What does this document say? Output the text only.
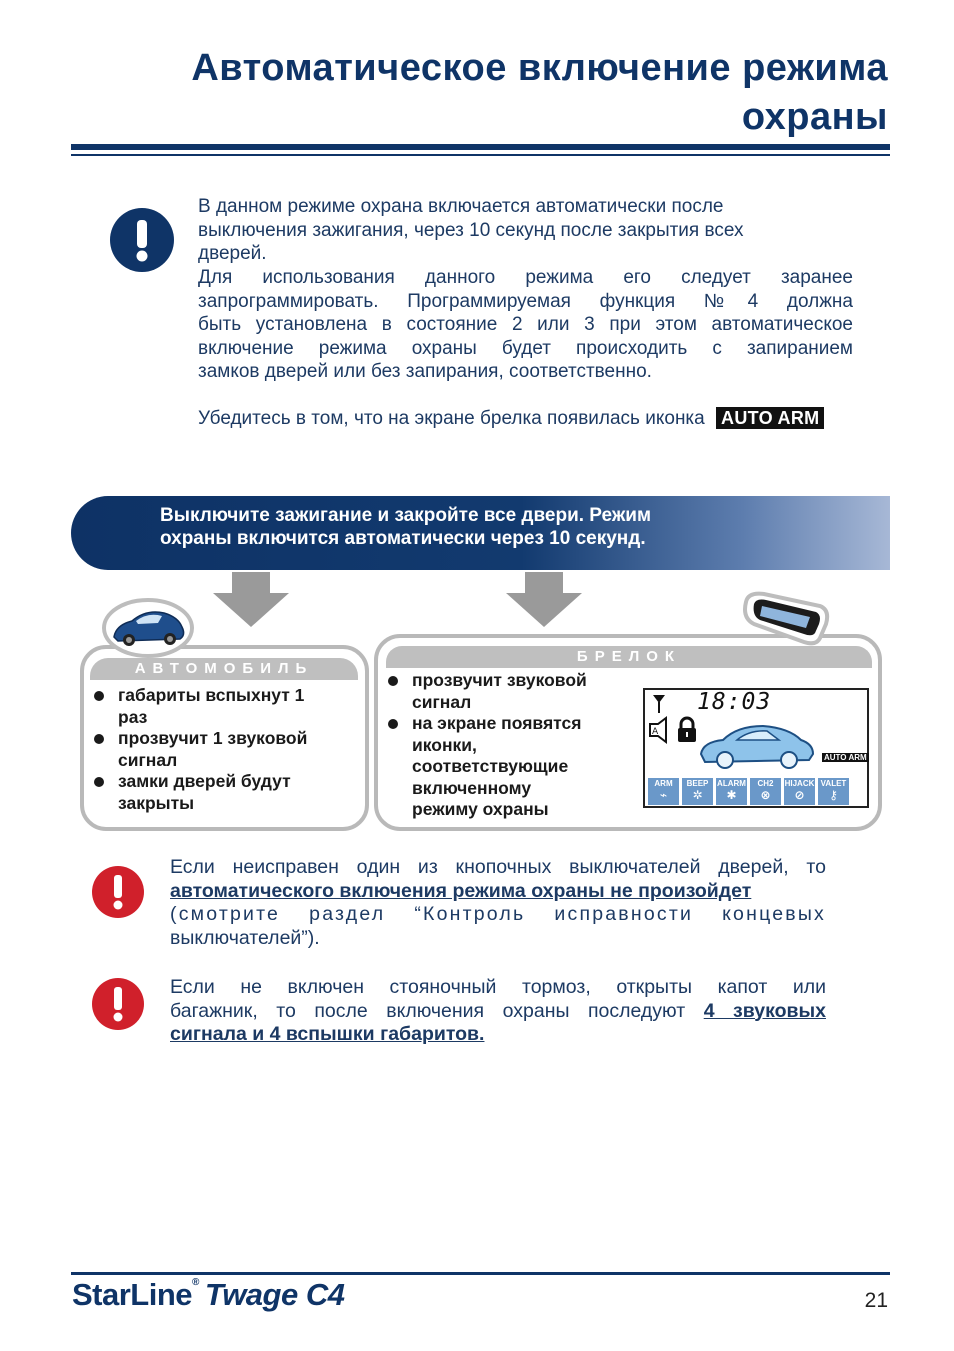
Автоматическое включение режима
охраны
В данном режиме охрана включается автоматически после
выключения зажигания, через 10 секунд после закрытия всех
дверей.
Для использования данного режима его следует заранее
запрограммировать. Программируемая функция №4 должна
быть установлена в состояние 2 или 3 при этом автоматическое
включение режима охраны будет происходить с запиранием
замков дверей или без запирания, соответственно.
Убедитесь в том, что на экране брелка появилась иконка AUTO ARM
Выключите зажигание и закройте все двери. Режим
охраны включится автоматически через 10 секунд.
АВТОМОБИЛЬ
габариты вспыхнут 1
раз
прозвучит 1 звуковой
сигнал
замки дверей будут
закрыты
БРЕЛОК
прозвучит звуковой
сигнал
на экране появятся
иконки,
соответствующие
включенному
режиму охраны
18:03
A
AUTO ARM
ARM
⌁
BEEP
✲
ALARM
✱
CH2
⊗
HIJACK
⊘
VALET
⚷
Если неисправен один из кнопочных выключателей дверей, то
автоматического включения режима охраны не произойдет
(смотрите раздел “Контроль исправности концевых
выключателей”).
Если не включен стояночный тормоз, открыты капот или
багажник, то после включения охраны последуют 4 звуковых
сигнала и 4 вспышки габаритов.
StarLine® Twage C4	21
